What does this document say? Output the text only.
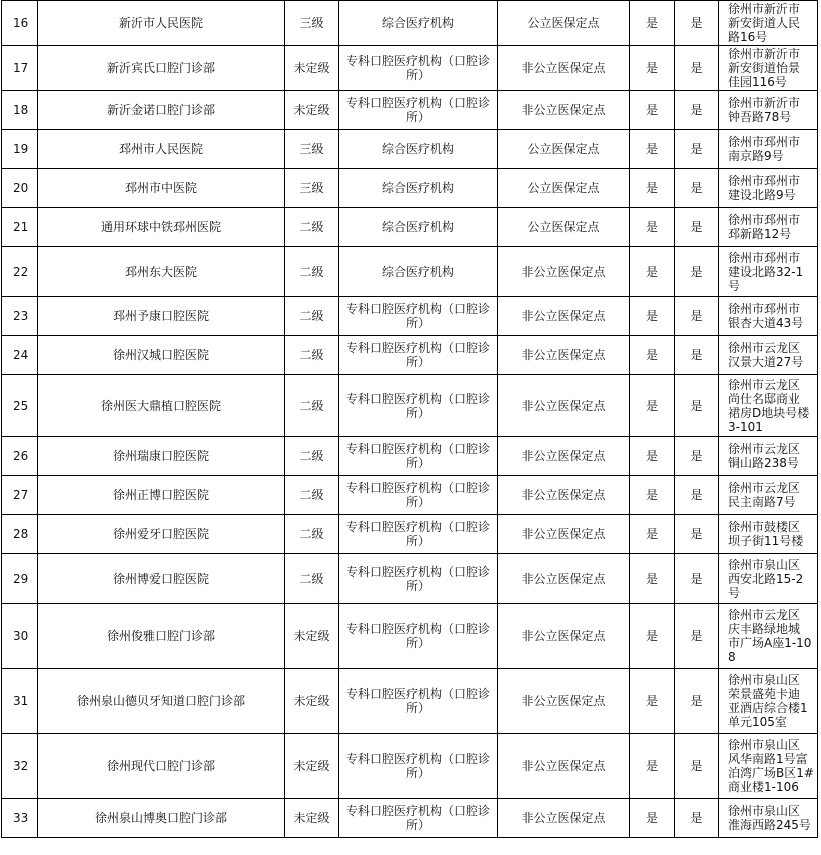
16	新沂市人民医院	三级	综合医疗机构	公立医保定点	是	是	徐州市新沂市
新安街道人民
路16号

17	新沂宾氏口腔门诊部	未定级	专科口腔医疗机构（口腔诊所）	非公立医保定点	是	是	徐州市新沂市
新安街道怡景
佳园116号

18	新沂金诺口腔门诊部	未定级	专科口腔医疗机构（口腔诊所）	非公立医保定点	是	是	徐州市新沂市
钟吾路78号

19	邳州市人民医院	三级	综合医疗机构	公立医保定点	是	是	徐州市邳州市
南京路9号

20	邳州市中医院	三级	综合医疗机构	公立医保定点	是	是	徐州市邳州市
建设北路9号

21	通用环球中铁邳州医院	二级	综合医疗机构	公立医保定点	是	是	徐州市邳州市
邳新路12号

22	邳州东大医院	二级	综合医疗机构	非公立医保定点	是	是	徐州市邳州市
建设北路32-1
号

23	邳州予康口腔医院	二级	专科口腔医疗机构（口腔诊所）	非公立医保定点	是	是	徐州市邳州市
银杏大道43号

24	徐州汉城口腔医院	二级	专科口腔医疗机构（口腔诊所）	非公立医保定点	是	是	徐州市云龙区
汉景大道27号

25	徐州医大鼎植口腔医院	二级	专科口腔医疗机构（口腔诊所）	非公立医保定点	是	是	徐州市云龙区
尚仕名邸商业
裙房D地块号楼
3-101

26	徐州瑞康口腔医院	二级	专科口腔医疗机构（口腔诊所）	非公立医保定点	是	是	徐州市云龙区
铜山路238号

27	徐州正博口腔医院	二级	专科口腔医疗机构（口腔诊所）	非公立医保定点	是	是	徐州市云龙区
民主南路7号

28	徐州爱牙口腔医院	二级	专科口腔医疗机构（口腔诊所）	非公立医保定点	是	是	徐州市鼓楼区
坝子街11号楼

29	徐州博爱口腔医院	二级	专科口腔医疗机构（口腔诊所）	非公立医保定点	是	是	徐州市泉山区
西安北路15-2
号

30	徐州俊雅口腔门诊部	未定级	专科口腔医疗机构（口腔诊所）	非公立医保定点	是	是	徐州市云龙区
庆丰路绿地城
市广场A座1-10
8

31	徐州泉山德贝牙知道口腔门诊部	未定级	专科口腔医疗机构（口腔诊所）	非公立医保定点	是	是	徐州市泉山区
荣景盛苑卡迪
亚酒店综合楼1
单元105室

32	徐州现代口腔门诊部	未定级	专科口腔医疗机构（口腔诊所）	非公立医保定点	是	是	徐州市泉山区
风华南路1号富
泊湾广场B区1#
商业楼1-106

33	徐州泉山博奥口腔门诊部	未定级	专科口腔医疗机构（口腔诊所）	非公立医保定点	是	是	徐州市泉山区
淮海西路245号
